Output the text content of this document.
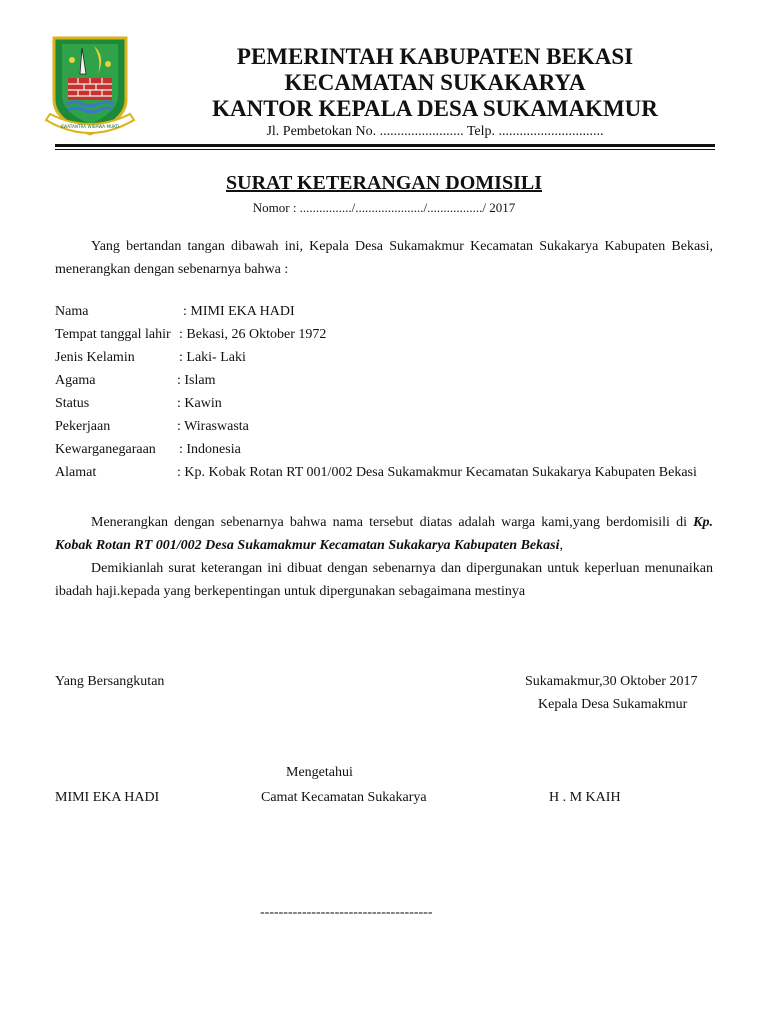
SWATANTRA WIBAWA MUKTI
PEMERINTAH KABUPATEN BEKASI
KECAMATAN SUKAKARYA
KANTOR KEPALA DESA SUKAMAKMUR
Jl. Pembetokan No. ........................ Telp. ..............................
SURAT KETERANGAN DOMISILI
Nomor : ................/...................../................./ 2017
Yang bertandan tangan dibawah ini, Kepala Desa Sukamakmur Kecamatan Sukakarya Kabupaten Bekasi, menerangkan dengan sebenarnya bahwa :
Nama	: MIMI EKA HADI
Tempat tanggal lahir : Bekasi, 26 Oktober 1972
Jenis Kelamin	: Laki- Laki
Agama	: Islam
Status	: Kawin
Pekerjaan	: Wiraswasta
Kewarganegaraan : Indonesia
Alamat	: Kp. Kobak Rotan RT 001/002 Desa Sukamakmur Kecamatan Sukakarya Kabupaten Bekasi
Menerangkan dengan sebenarnya bahwa nama tersebut diatas adalah warga kami,yang berdomisili di Kp. Kobak Rotan RT 001/002 Desa Sukamakmur Kecamatan Sukakarya Kabupaten Bekasi,
Demikianlah surat keterangan ini dibuat dengan sebenarnya dan dipergunakan untuk keperluan menunaikan ibadah haji.kepada yang berkepentingan untuk dipergunakan sebagaimana mestinya
Yang Bersangkutan	Sukamakmur,30 Oktober 2017
Kepala Desa Sukamakmur
Mengetahui
MIMI EKA HADI	Camat Kecamatan Sukakarya	H . M KAIH
-------------------------------------
